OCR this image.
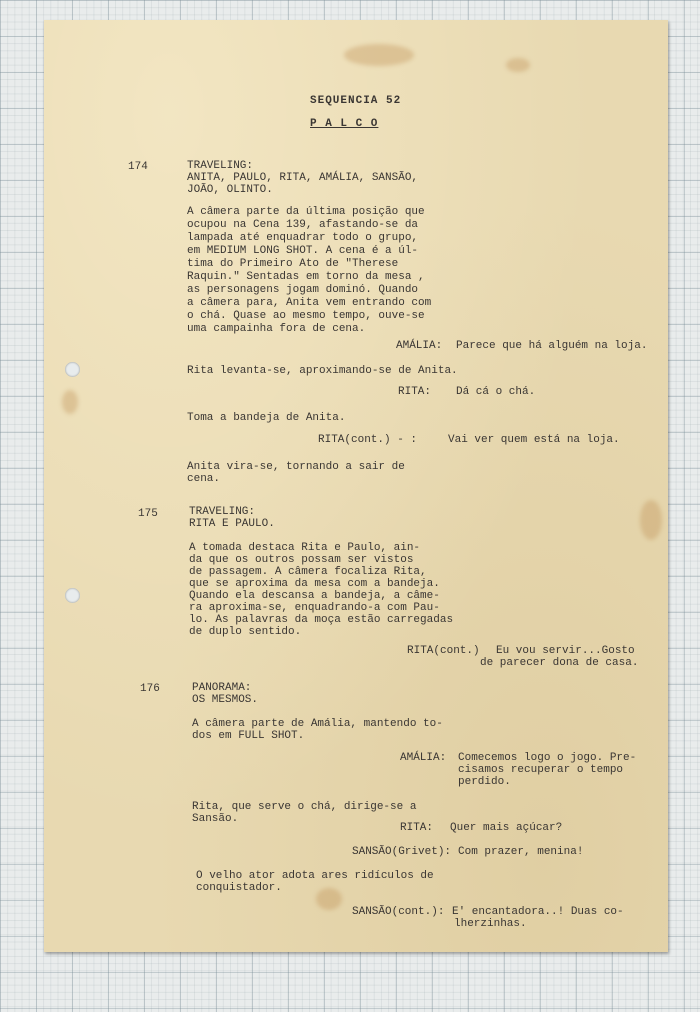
SEQUENCIA 52

P A L C O

174	TRAVELING:

ANITA, PAULO, RITA, AMÁLIA, SANSÃO,

JOÃO, OLINTO.

A câmera parte da última posição que

ocupou na Cena 139, afastando-se da

lampada até enquadrar todo o grupo,

em MEDIUM LONG SHOT. A cena é a úl-

tima do Primeiro Ato de "Therese

Raquin." Sentadas em torno da mesa ,

as personagens jogam dominó. Quando

a câmera para, Anita vem entrando com

o chá. Quase ao mesmo tempo, ouve-se

uma campainha fora de cena.

AMÁLIA: Parece que há alguém na loja.

Rita levanta-se, aproximando-se de Anita.

RITA: Dá cá o chá.

Toma a bandeja de Anita.

RITA(cont.) - :	Vai ver quem está na loja.

Anita vira-se, tornando a sair de

cena.

175	TRAVELING:

RITA E PAULO.

A tomada destaca Rita e Paulo, ain-

da que os outros possam ser vistos

de passagem. A câmera focaliza Rita,

que se aproxima da mesa com a bandeja.

Quando ela descansa a bandeja, a câme-

ra aproxima-se, enquadrando-a com Pau-

lo. As palavras da moça estão carregadas

de duplo sentido.

RITA(cont.) Eu vou servir...Gosto

de parecer dona de casa.

176	PANORAMA:

OS MESMOS.

A câmera parte de Amália, mantendo to-

dos em FULL SHOT.

AMÁLIA: Comecemos logo o jogo. Pre-

cisamos recuperar o tempo

perdido.

Rita, que serve o chá, dirige-se a

Sansão.

RITA: Quer mais açúcar?

SANSÃO(Grivet): Com prazer, menina!

O velho ator adota ares ridículos de

conquistador.

SANSÃO(cont.): E' encantadora..! Duas co-

lherzinhas.
